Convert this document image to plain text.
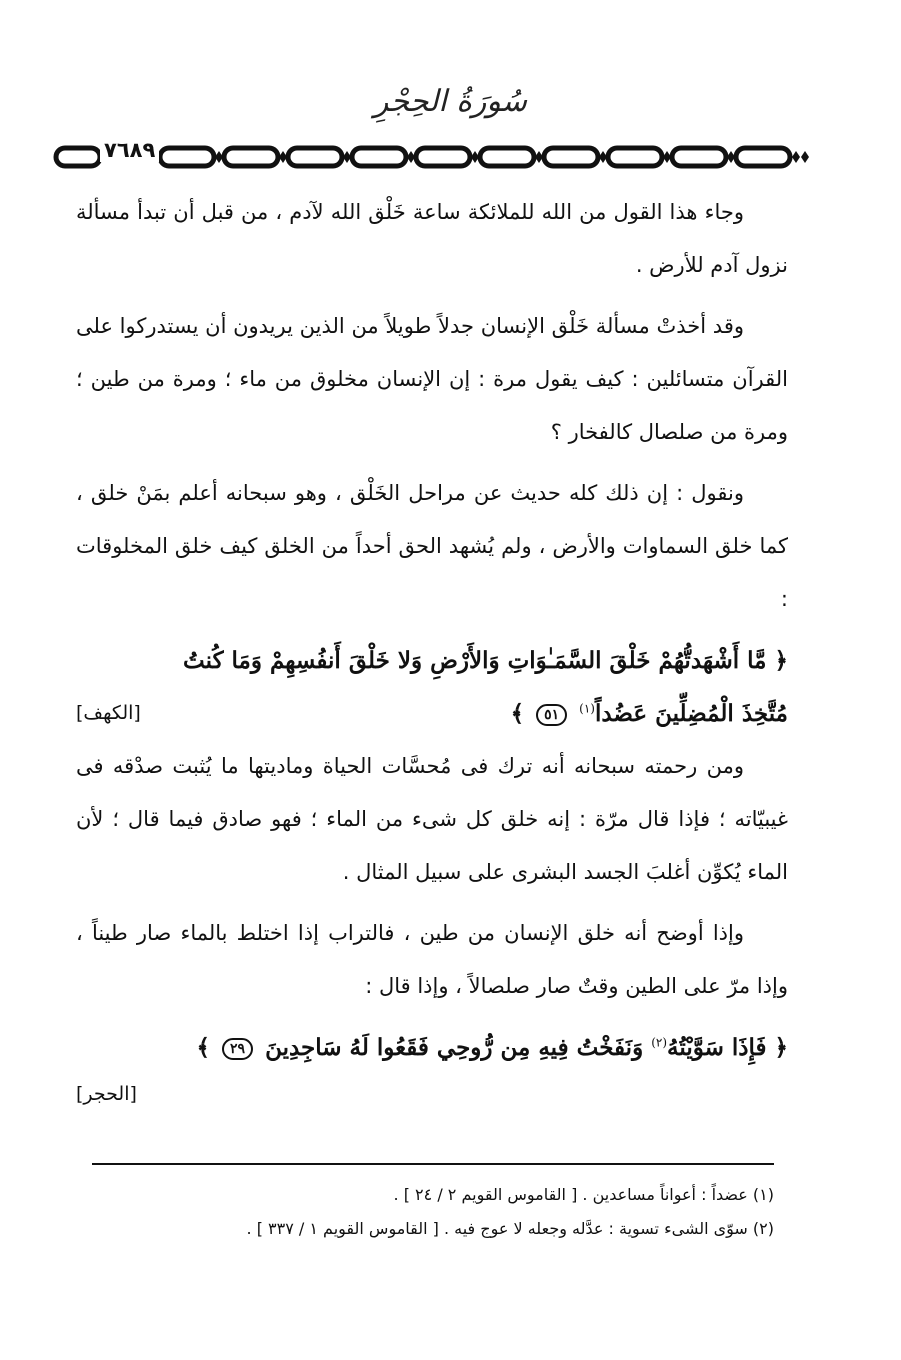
سُورَةُ الحِجْرِ
٧٦٨٩

وجاء هذا القول من الله للملائكة ساعة خَلْق الله لآدم ، من قبل أن تبدأ مسألة نزول آدم للأرض .

وقد أخذتْ مسألة خَلْق الإنسان جدلاً طويلاً من الذين يريدون أن يستدركوا على القرآن متسائلين : كيف يقول مرة : إن الإنسان مخلوق من ماء ؛ ومرة من طين ؛ ومرة من صلصال كالفخار ؟

ونقول : إن ذلك كله حديث عن مراحل الخَلْق ، وهو سبحانه أعلم بمَنْ خلق ، كما خلق السماوات والأرض ، ولم يُشهد الحق أحداً من الخلق كيف خلق المخلوقات :

﴿ مَّا أَشْهَدتُّهُمْ خَلْقَ السَّمَـٰوَاتِ وَالأَرْضِ وَلا خَلْقَ أَنفُسِهِمْ وَمَا كُنتُ
مُتَّخِذَ الْمُضِلِّينَ عَضُداً$^{(١)}$ ٥١ ﴾
[الكهف]

ومن رحمته سبحانه أنه ترك فى مُحسَّات الحياة وماديتها ما يُثبت صدْقه فى غيبيّاته ؛ فإذا قال مرّة : إنه خلق كل شىء من الماء ؛ فهو صادق فيما قال ؛ لأن الماء يُكوِّن أغلبَ الجسد البشرى على سبيل المثال .

وإذا أوضح أنه خلق الإنسان من طين ، فالتراب إذا اختلط بالماء صار طيناً ، وإذا مرّ على الطين وقتٌ صار صلصالاً ، وإذا قال :

﴿ فَإِذَا سَوَّيْتُهُ$^{(٢)}$ وَنَفَخْتُ فِيهِ مِن رُّوحِي فَقَعُوا لَهُ سَاجِدِينَ ٢٩ ﴾
[الحجر]
(١) عضداً : أعواناً مساعدين . [ القاموس القويم ٢ / ٢٤ ] .
(٢) سوّى الشىء تسوية : عدَّله وجعله لا عوج فيه . [ القاموس القويم ١ / ٣٣٧ ] .
